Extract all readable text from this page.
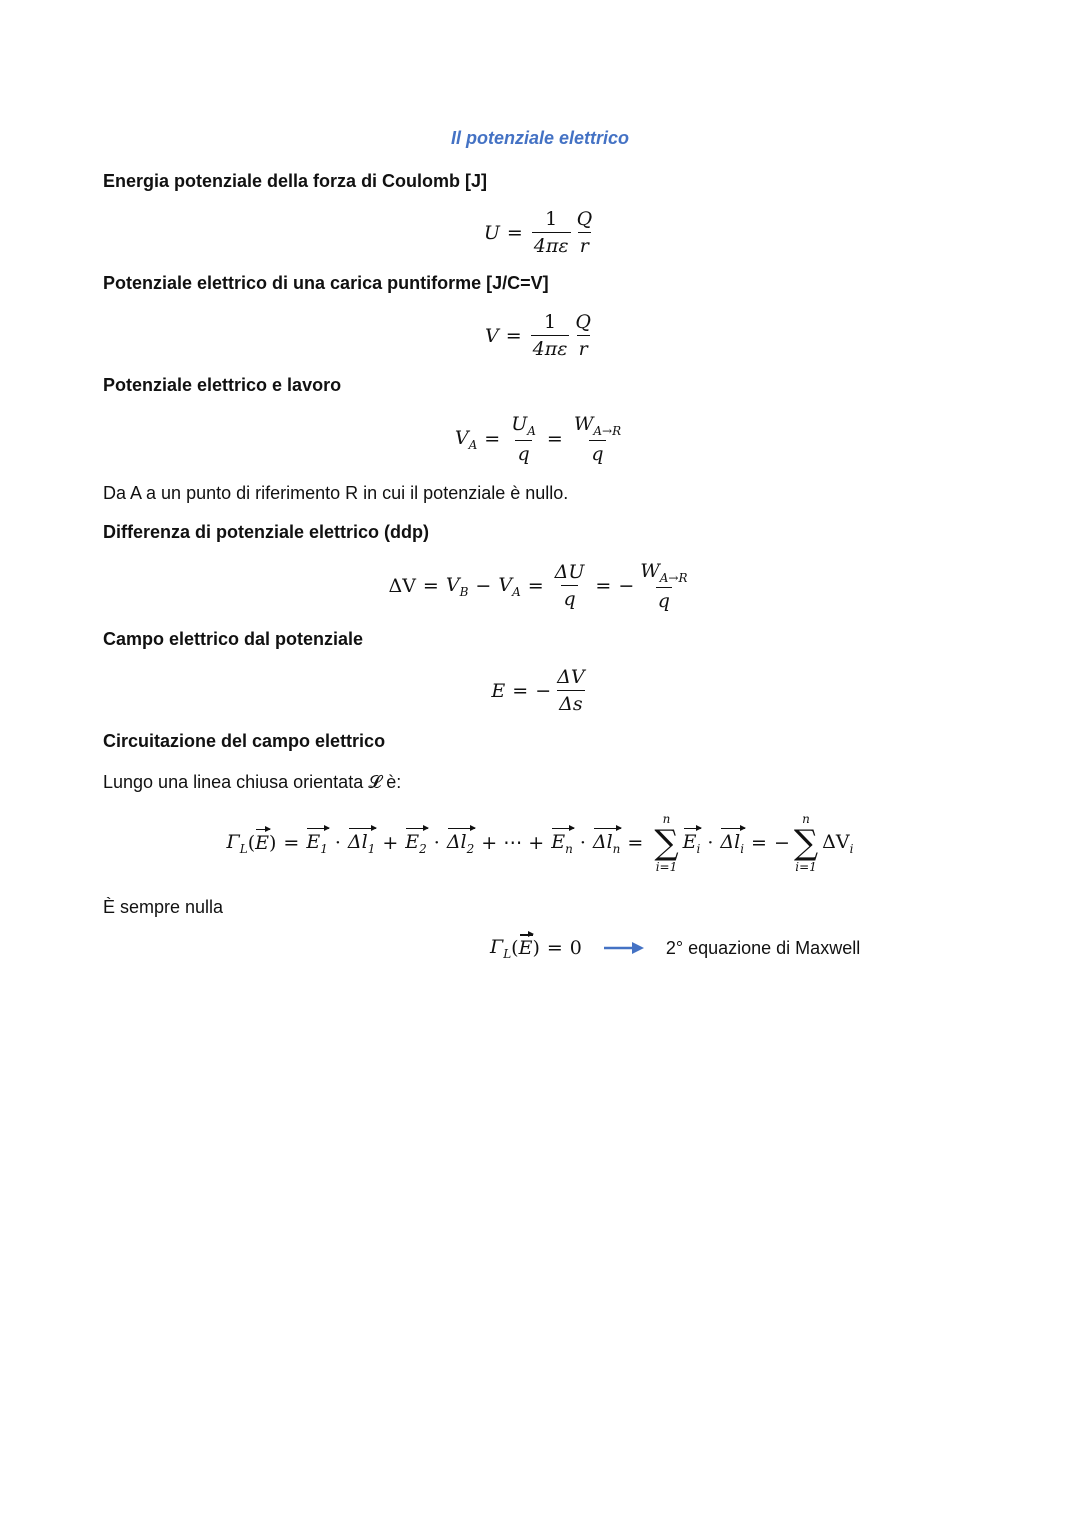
Il potenziale elettrico
Energia potenziale della forza di Coulomb [J]
$U = \frac{1}{4\pi\varepsilon} \frac{Q}{r}$
Potenziale elettrico di una carica puntiforme [J/C=V]
$V = \frac{1}{4\pi\varepsilon} \frac{Q}{r}$
Potenziale elettrico e lavoro
$V_A = \frac{U_A}{q} = \frac{W_{A\to R}}{q}$
Da A a un punto di riferimento R in cui il potenziale è nullo.
Differenza di potenziale elettrico (ddp)
$\Delta V = V_B - V_A = \frac{\Delta U}{q}$ = − $\frac{W_{A\to R}}{q}$
Campo elettrico dal potenziale
E = − $\frac{\Delta V}{\Delta s}$
Circuitazione del campo elettrico
Lungo una linea chiusa orientata 𝓛 è:
$\Gamma_L$ ( E ) = $E_1 \cdot \Delta l_1 + E_2 \cdot \Delta l_2$ + ⋯ + $E_n \cdot \Delta l_n$ =
n
∑
i=1
$E_i \cdot \Delta l_i$ = −
n
∑
i=1
$\Delta V_i$
È sempre nulla
$\Gamma_L$ ( E ) = 0	2° equazione di Maxwell
